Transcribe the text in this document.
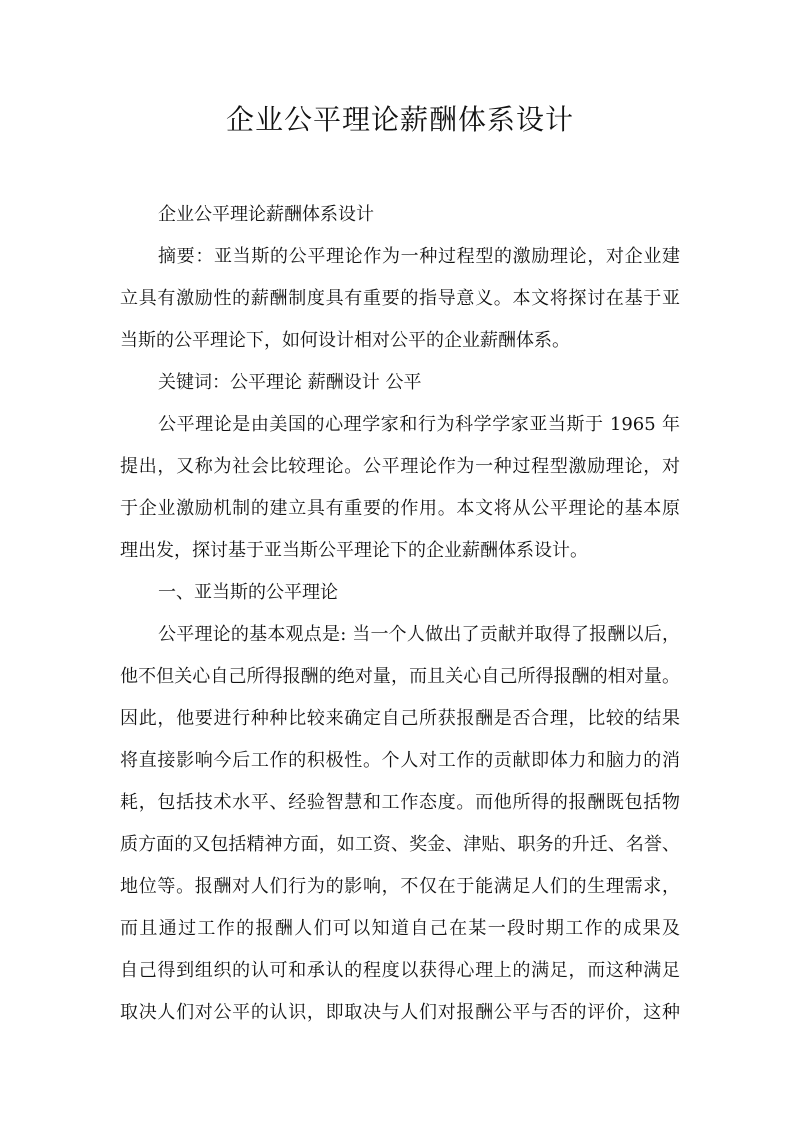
企业公平理论薪酬体系设计

企业公平理论薪酬体系设计

摘要：亚当斯的公平理论作为一种过程型的激励理论，对企业建

立具有激励性的薪酬制度具有重要的指导意义。本文将探讨在基于亚

当斯的公平理论下，如何设计相对公平的企业薪酬体系。

关键词：公平理论 薪酬设计 公平

公平理论是由美国的心理学家和行为科学学家亚当斯于 1965 年

提出，又称为社会比较理论。公平理论作为一种过程型激励理论，对

于企业激励机制的建立具有重要的作用。本文将从公平理论的基本原

理出发，探讨基于亚当斯公平理论下的企业薪酬体系设计。

一、亚当斯的公平理论

公平理论的基本观点是: 当一个人做出了贡献并取得了报酬以后，

他不但关心自己所得报酬的绝对量，而且关心自己所得报酬的相对量。

因此，他要进行种种比较来确定自己所获报酬是否合理，比较的结果

将直接影响今后工作的积极性。个人对工作的贡献即体力和脑力的消

耗，包括技术水平、经验智慧和工作态度。而他所得的报酬既包括物

质方面的又包括精神方面，如工资、奖金、津贴、职务的升迁、名誉、

地位等。报酬对人们行为的影响，不仅在于能满足人们的生理需求，

而且通过工作的报酬人们可以知道自己在某一段时期工作的成果及

自己得到组织的认可和承认的程度以获得心理上的满足，而这种满足

取决人们对公平的认识，即取决与人们对报酬公平与否的评价，这种
